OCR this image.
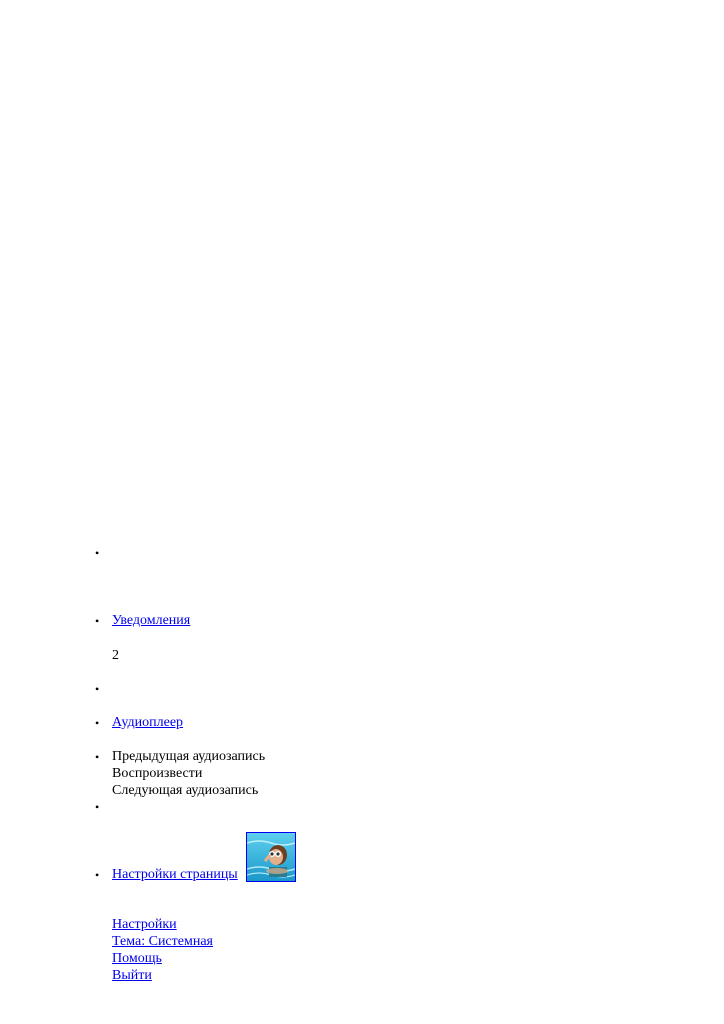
•
•
•
•
•
•
•
Уведомления
2
Аудиоплеер
Предыдущая аудиозапись
Воспроизвести
Следующая аудиозапись
Настройки страницы
Настройки
Тема: Системная
Помощь
Выйти
